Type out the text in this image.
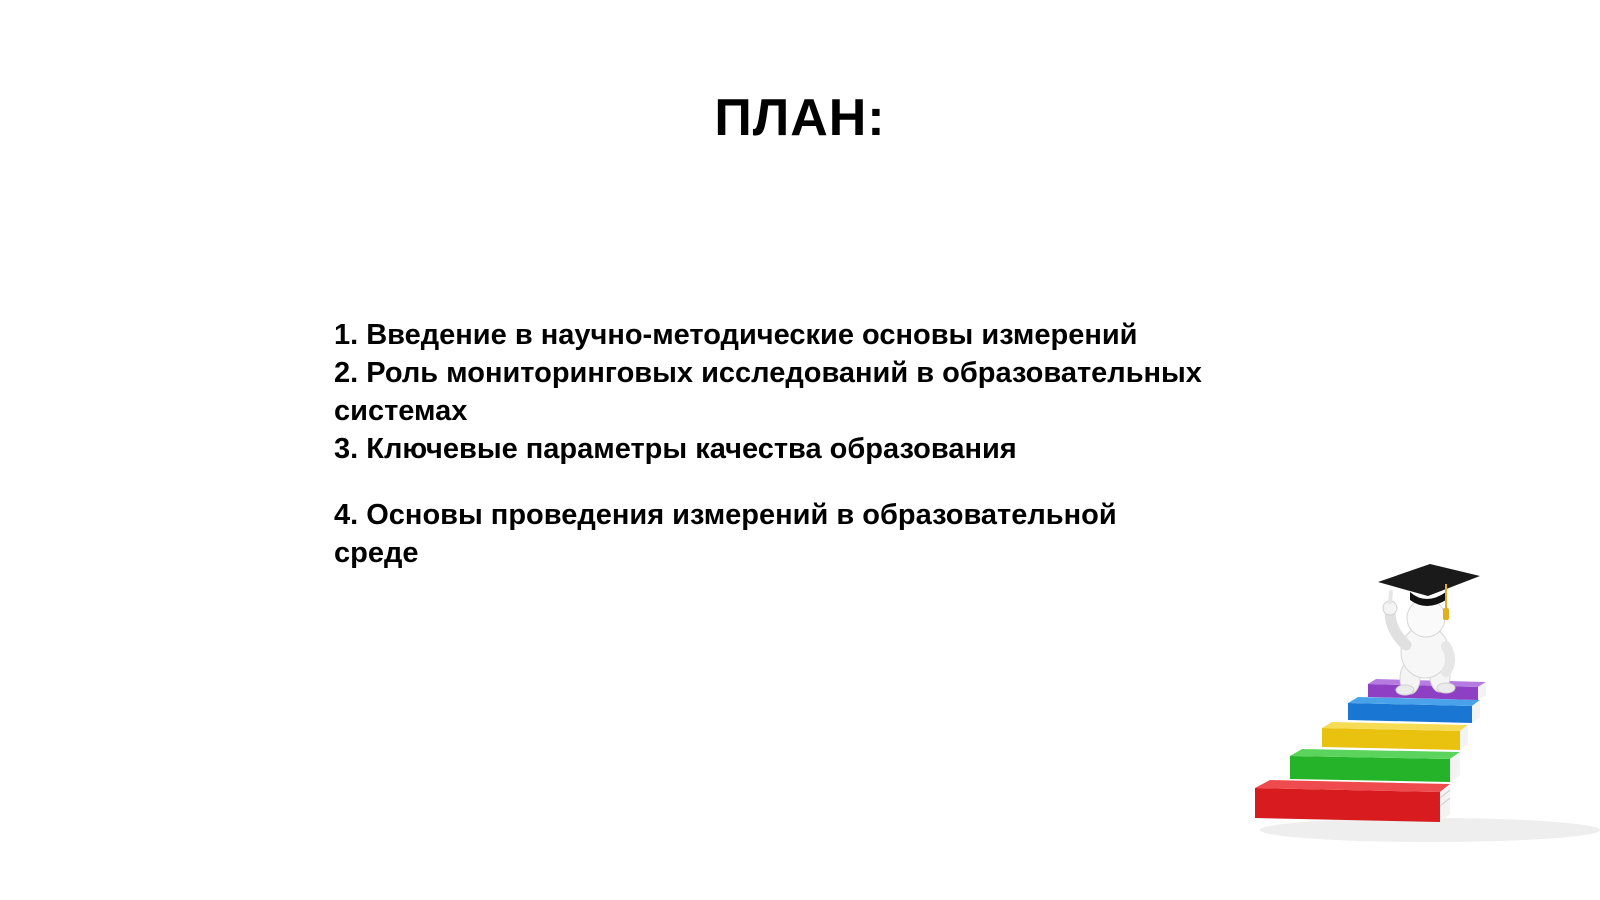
ПЛАН:
1. Введение в научно-методические основы измерений
2. Роль мониторинговых исследований в образовательных системах
3. Ключевые параметры качества образования
4. Основы проведения измерений в образовательной среде
